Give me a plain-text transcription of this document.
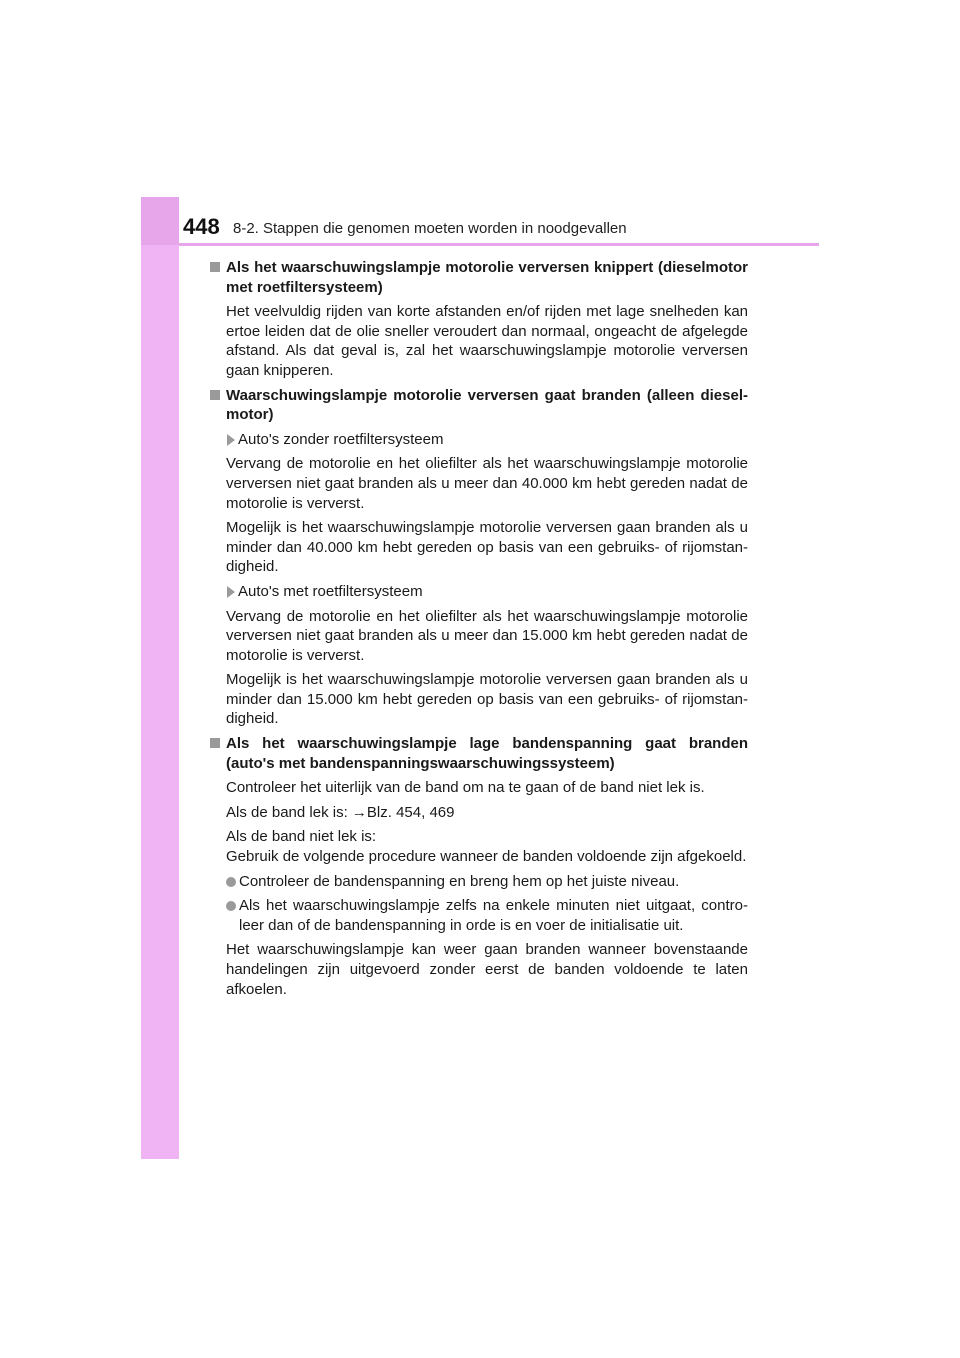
448 8-2. Stappen die genomen moeten worden in noodgevallen
Als het waarschuwingslampje motorolie verversen knippert (dieselmotor met roetfiltersysteem)
Het veelvuldig rijden van korte afstanden en/of rijden met lage snelheden kan ertoe leiden dat de olie sneller veroudert dan normaal, ongeacht de afgelegde afstand. Als dat geval is, zal het waarschuwingslampje motorolie verversen gaan knipperen.
Waarschuwingslampje motorolie verversen gaat branden (alleen dieselmotor)
Auto's zonder roetfiltersysteem
Vervang de motorolie en het oliefilter als het waarschuwingslampje motorolie verversen niet gaat branden als u meer dan 40.000 km hebt gereden nadat de motorolie is ververst.
Mogelijk is het waarschuwingslampje motorolie verversen gaan branden als u minder dan 40.000 km hebt gereden op basis van een gebruiks- of rijomstandigheid.
Auto's met roetfiltersysteem
Vervang de motorolie en het oliefilter als het waarschuwingslampje motorolie verversen niet gaat branden als u meer dan 15.000 km hebt gereden nadat de motorolie is ververst.
Mogelijk is het waarschuwingslampje motorolie verversen gaan branden als u minder dan 15.000 km hebt gereden op basis van een gebruiks- of rijomstandigheid.
Als het waarschuwingslampje lage bandenspanning gaat branden (auto's met bandenspanningswaarschuwingssysteem)
Controleer het uiterlijk van de band om na te gaan of de band niet lek is.
Als de band lek is: →Blz. 454, 469
Als de band niet lek is:
Gebruik de volgende procedure wanneer de banden voldoende zijn afgekoeld.
Controleer de bandenspanning en breng hem op het juiste niveau.
Als het waarschuwingslampje zelfs na enkele minuten niet uitgaat, controleer dan of de bandenspanning in orde is en voer de initialisatie uit.
Het waarschuwingslampje kan weer gaan branden wanneer bovenstaande handelingen zijn uitgevoerd zonder eerst de banden voldoende te laten afkoelen.
